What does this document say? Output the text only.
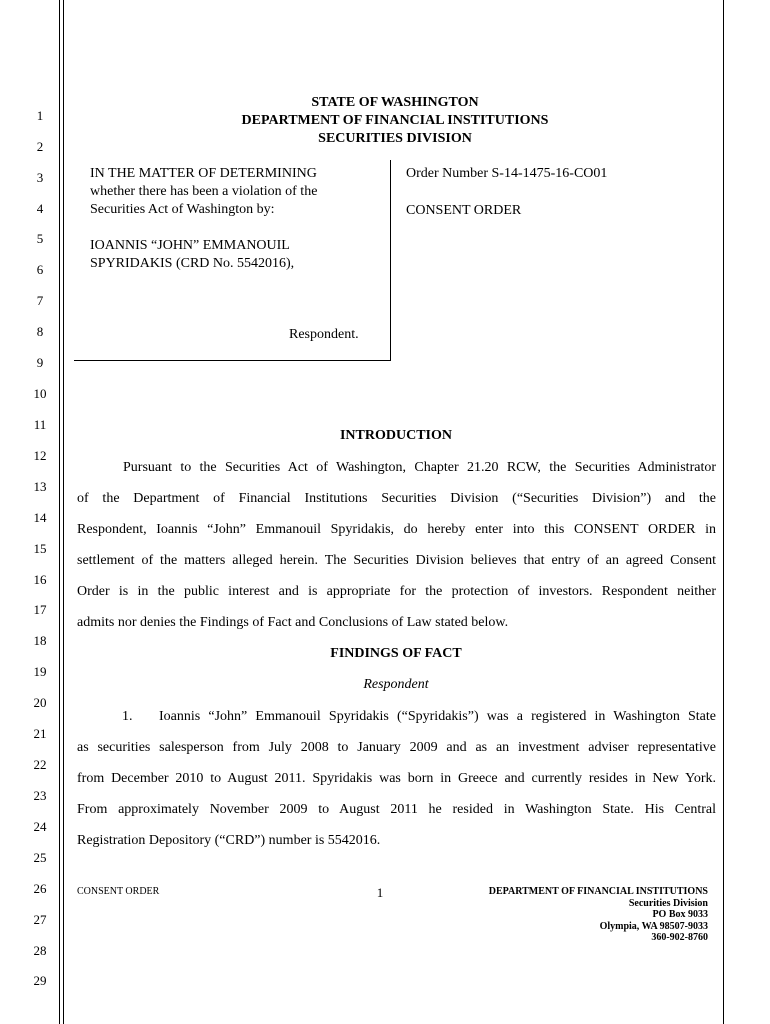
1
2
3
4
5
6
7
8
9
10
11
12
13
14
15
16
17
18
19
20
21
22
23
24
25
26
27
28
29
STATE OF WASHINGTON
DEPARTMENT OF FINANCIAL INSTITUTIONS
SECURITIES DIVISION
IN THE MATTER OF DETERMINING
whether there has been a violation of the
Securities Act of Washington by:
IOANNIS “JOHN” EMMANOUIL
SPYRIDAKIS (CRD No. 5542016),
Respondent.
Order Number S-14-1475-16-CO01
CONSENT ORDER
INTRODUCTION
Pursuant to the Securities Act of Washington, Chapter 21.20 RCW, the Securities Administrator
of the Department of Financial Institutions Securities Division (“Securities Division”) and the
Respondent, Ioannis “John” Emmanouil Spyridakis, do hereby enter into this CONSENT ORDER in
settlement of the matters alleged herein. The Securities Division believes that entry of an agreed Consent
Order is in the public interest and is appropriate for the protection of investors. Respondent neither
admits nor denies the Findings of Fact and Conclusions of Law stated below.
FINDINGS OF FACT
Respondent
1. Ioannis “John” Emmanouil Spyridakis (“Spyridakis”) was a registered in Washington State
as securities salesperson from July 2008 to January 2009 and as an investment adviser representative
from December 2010 to August 2011. Spyridakis was born in Greece and currently resides in New York.
From approximately November 2009 to August 2011 he resided in Washington State. His Central
Registration Depository (“CRD”) number is 5542016.
CONSENT ORDER	1	DEPARTMENT OF FINANCIAL INSTITUTIONS
Securities Division
PO Box 9033
Olympia, WA 98507-9033
360-902-8760
